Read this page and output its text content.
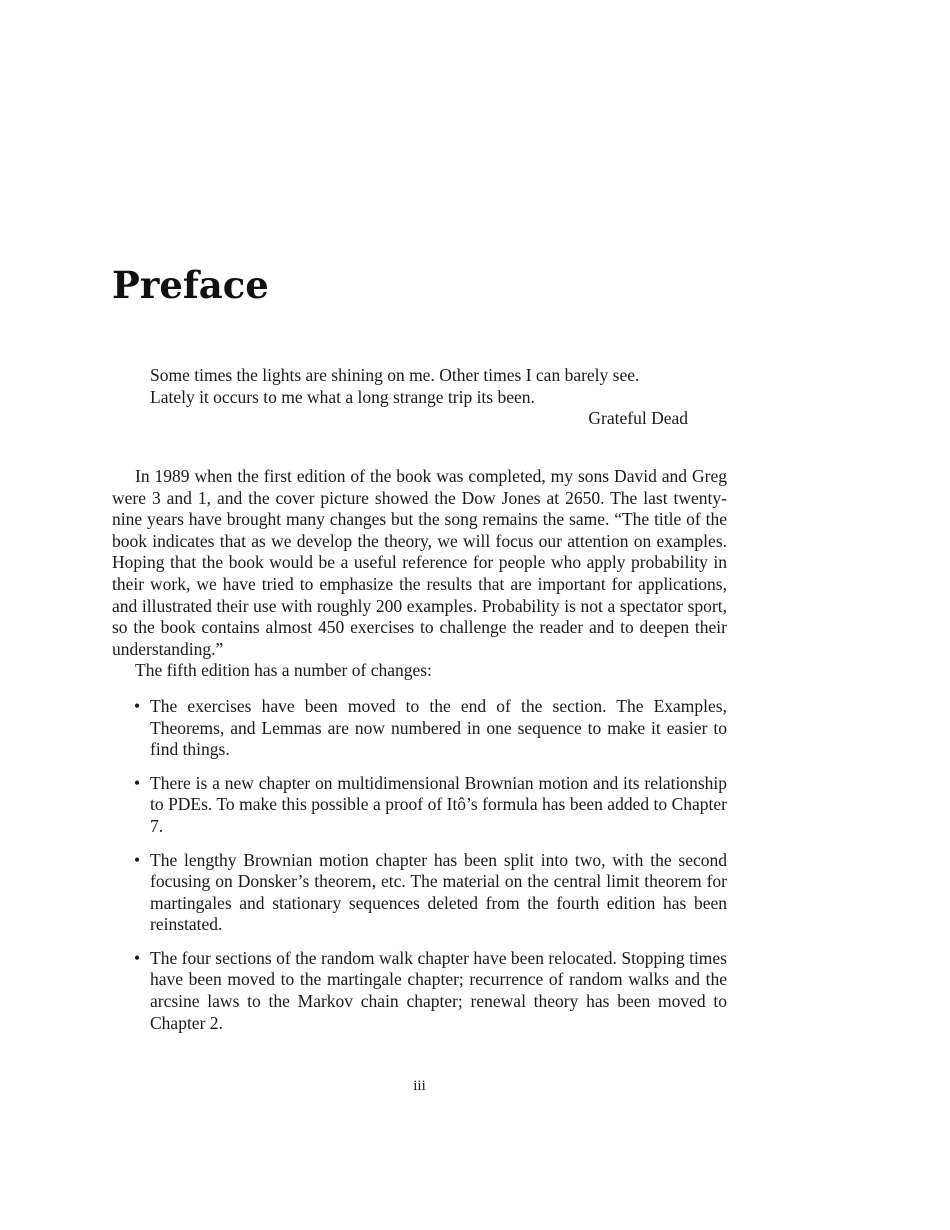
Preface

Some times the lights are shining on me. Other times I can barely see.

Lately it occurs to me what a long strange trip its been.

Grateful Dead

In 1989 when the first edition of the book was completed, my sons David and Greg were 3 and 1, and the cover picture showed the Dow Jones at 2650. The last twenty-nine years have brought many changes but the song remains the same. “The title of the book indicates that as we develop the theory, we will focus our attention on examples. Hoping that the book would be a useful reference for people who apply probability in their work, we have tried to emphasize the results that are important for applications, and illustrated their use with roughly 200 examples. Probability is not a spectator sport, so the book contains almost 450 exercises to challenge the reader and to deepen their understanding.”

The fifth edition has a number of changes:

• The exercises have been moved to the end of the section. The Examples, Theorems, and Lemmas are now numbered in one sequence to make it easier to find things.
• There is a new chapter on multidimensional Brownian motion and its relationship to PDEs. To make this possible a proof of Itô’s formula has been added to Chapter 7.
• The lengthy Brownian motion chapter has been split into two, with the second focusing on Donsker’s theorem, etc. The material on the central limit theorem for martingales and stationary sequences deleted from the fourth edition has been reinstated.
• The four sections of the random walk chapter have been relocated. Stopping times have been moved to the martingale chapter; recurrence of random walks and the arcsine laws to the Markov chain chapter; renewal theory has been moved to Chapter 2.
iii
